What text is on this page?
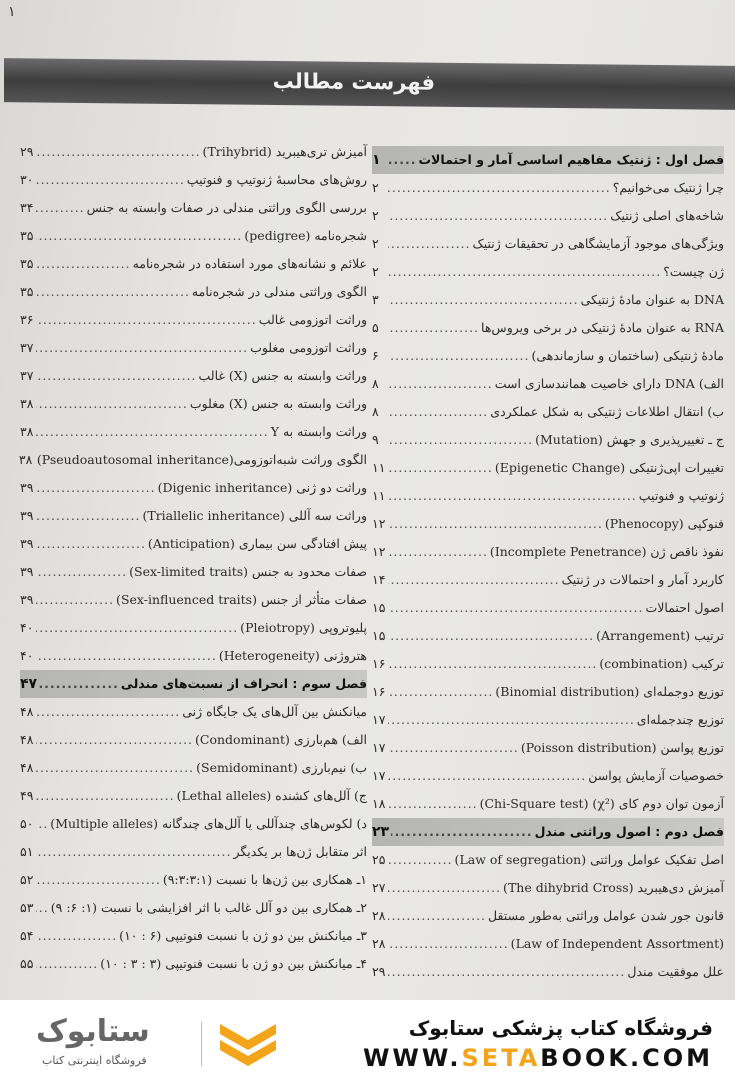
۱
فهرست مطالب
فصل اول : ژنتیک مفاهیم اساسی آمار و احتمالات
.....
۱
چرا ژنتیک می‌خوانیم؟
.....
۲
شاخه‌های اصلی ژنتیک
.....
۲
ویژگی‌های موجود آزمایشگاهی در تحقیقات ژنتیک
.....
۲
ژن چیست؟
.....
۲
DNA به عنوان مادهٔ ژنتیکی
.....
۳
RNA به عنوان مادهٔ ژنتیکی در برخی ویروس‌ها
.....
۵
مادهٔ ژنتیکی (ساختمان و سازماندهی)
.....
۶
الف) DNA دارای خاصیت همانندسازی است
.....
۸
ب) انتقال اطلاعات ژنتیکی به شکل عملکردی
.....
۸
ج ـ تغییرپذیری و جهش (Mutation)
.....
۹
تغییرات اپی‌ژنتیکی (Epigenetic Change)
.....
۱۱
ژنوتیپ و فنوتیپ
.....
۱۱
فنوکپی (Phenocopy)
.....
۱۲
نفوذ ناقص ژن (Incomplete Penetrance)
.....
۱۲
کاربرد آمار و احتمالات در ژنتیک
.....
۱۴
اصول احتمالات
.....
۱۵
ترتیب (Arrangement)
.....
۱۵
ترکیب (combination)
.....
۱۶
توزیع دوجمله‌ای (Binomial distribution)
.....
۱۶
توزیع چندجمله‌ای
.....
۱۷
توزیع پواسن (Poisson distribution)
.....
۱۷
خصوصیات آزمایش پواسن
.....
۱۷
آزمون توان دوم کای (χ²) (Chi-Square test)
.....
۱۸
فصل دوم : اصول وراثتی مندل
.....
۲۳
اصل تفکیک عوامل وراثتی (Law of segregation)
.....
۲۵
آمیزش دی‌هیبرید (The dihybrid Cross)
.....
۲۷
قانون جور شدن عوامل وراثتی به‌طور مستقل
.....
۲۸
(Law of Independent Assortment)
.....
۲۸
علل موفقیت مندل
.....
۲۹
آمیزش تری‌هیبرید (Trihybrid)
.....
۲۹
روش‌های محاسبهٔ ژنوتیپ و فنوتیپ
.....
۳۰
بررسی الگوی وراثتی مندلی در صفات وابسته به جنس
.....
۳۴
شجره‌نامه (pedigree)
.....
۳۵
علائم و نشانه‌های مورد استفاده در شجره‌نامه
.....
۳۵
الگوی وراثتی مندلی در شجره‌نامه
.....
۳۵
وراثت اتوزومی غالب
.....
۳۶
وراثت اتوزومی مغلوب
.....
۳۷
وراثت وابسته به جنس (X) غالب
.....
۳۷
وراثت وابسته به جنس (X) مغلوب
.....
۳۸
وراثت وابسته به Y
.....
۳۸
الگوی وراثت شبه‌اتوزومی(Pseudoautosomal inheritance)
۳۸
وراثت دو ژنی (Digenic inheritance)
.....
۳۹
وراثت سه آللی (Triallelic inheritance)
.....
۳۹
پیش افتادگی سن بیماری (Anticipation)
.....
۳۹
صفات محدود به جنس (Sex-limited traits)
.....
۳۹
صفات متأثر از جنس (Sex-influenced traits)
.....
۳۹
پلیوتروپی (Pleiotropy)
.....
۴۰
هتروژنی (Heterogeneity)
.....
۴۰
فصل سوم : انحراف از نسبت‌های مندلی
.....
۴۷
میانکنش بین آلل‌های یک جایگاه ژنی
.....
۴۸
الف) هم‌بارزی (Condominant)
.....
۴۸
ب) نیم‌بارزی (Semidominant)
.....
۴۸
ج) آلل‌های کشنده (Lethal alleles)
.....
۴۹
د) لکوس‌های چندآللی یا آلل‌های چندگانه (Multiple alleles)
.....
۵۰
اثر متقابل ژن‌ها بر یکدیگر
.....
۵۱
۱ـ همکاری بین ژن‌ها با نسبت (۹:۳:۳:۱)
.....
۵۲
۲ـ همکاری بین دو آلل غالب با اثر افزایشی با نسبت (۱: ۶: ۹)
.....
۵۳
۳ـ میانکنش بین دو ژن با نسبت فنوتیپی (۶ : ۱۰)
.....
۵۴
۴ـ میانکنش بین دو ژن با نسبت فنوتیپی (۳ : ۳ : ۱۰)
.....
۵۵
ستابوک
فروشگاه اینترنتی کتاب
فروشگاه کتاب پزشکی ستابوک
WWW.SETABOOK.COM
